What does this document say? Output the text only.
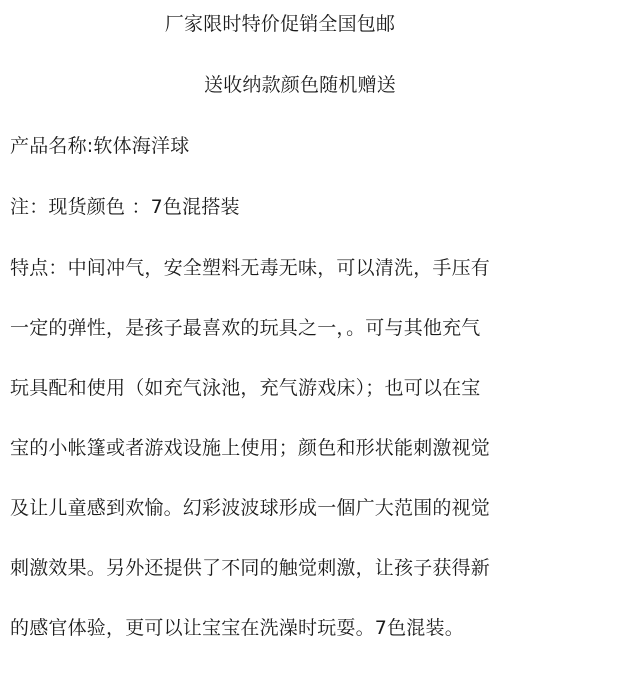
厂家限时特价促销全国包邮
送收纳款颜色随机赠送
产品名称:软体海洋球
注：现货颜色 ：7色混搭装
特点：中间冲气，安全塑料无毒无味，可以清洗，手压有
一定的弹性，是孩子最喜欢的玩具之一，。可与其他充气
玩具配和使用（如充气泳池，充气游戏床）；也可以在宝
宝的小帐篷或者游戏设施上使用；颜色和形状能刺激视觉
及让儿童感到欢愉。幻彩波波球形成一個广大范围的视觉
刺激效果。另外还提供了不同的触觉刺激，让孩子获得新
的感官体验，更可以让宝宝在洗澡时玩耍。7色混装。
